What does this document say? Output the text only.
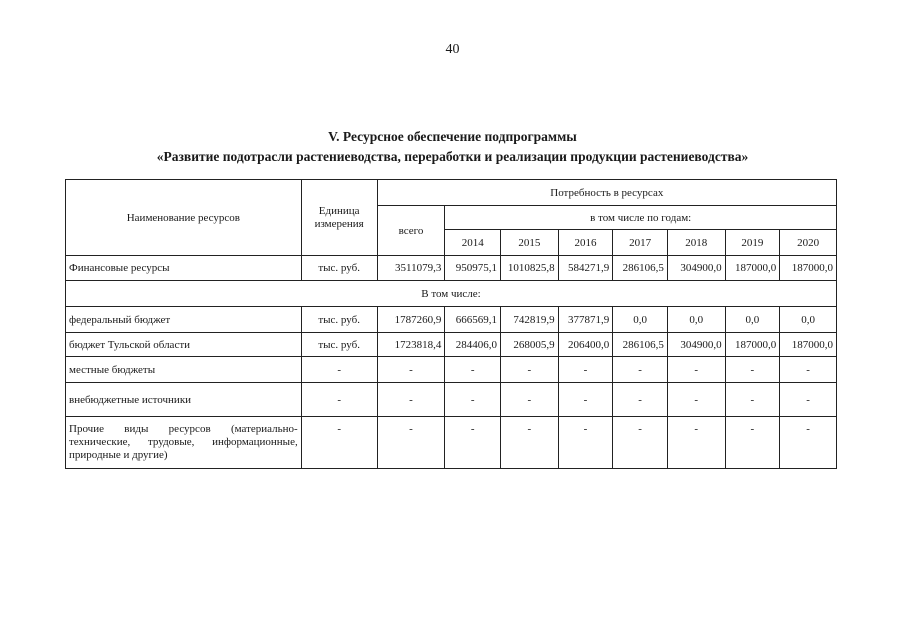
40
V. Ресурсное обеспечение подпрограммы
«Развитие подотрасли растениеводства, переработки и реализации продукции растениеводства»
Наименование ресурсов	Единица измерения	Потребность в ресурсах							
		всего	в том числе по годам:						
			2014	2015	2016	2017	2018	2019	2020
Финансовые ресурсы	тыс. руб.	3511079,3	950975,1	1010825,8	584271,9	286106,5	304900,0	187000,0	187000,0
В том числе:									
федеральный бюджет	тыс. руб.	1787260,9	666569,1	742819,9	377871,9	0,0	0,0	0,0	0,0
бюджет Тульской области	тыс. руб.	1723818,4	284406,0	268005,9	206400,0	286106,5	304900,0	187000,0	187000,0
местные бюджеты	-	-	-	-	-	-	-	-	-
внебюджетные источники	-	-	-	-	-	-	-	-	-
Прочие виды ресурсов (материально-технические, трудовые, информационные, природные и другие)	-	-	-	-	-	-	-	-	-
